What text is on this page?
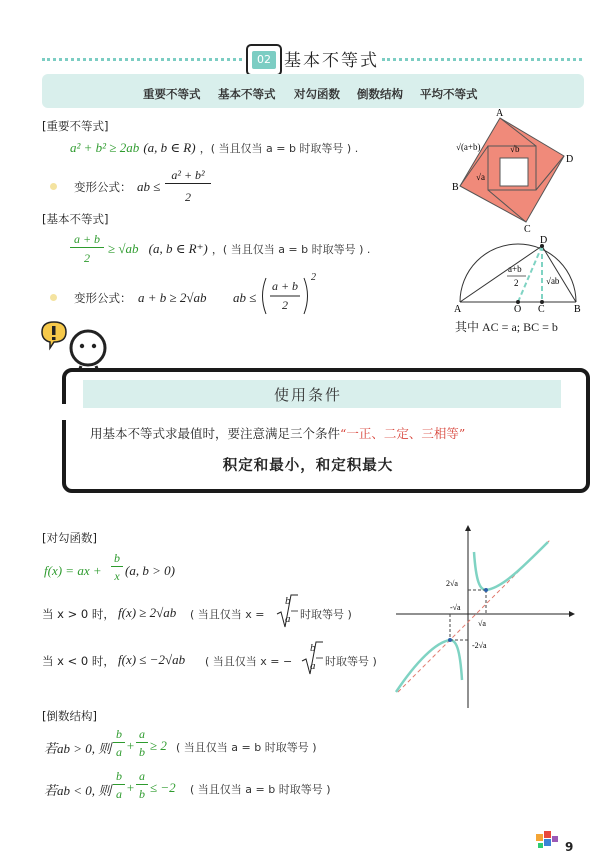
02 基本不等式
重要不等式 基本不等式 对勾函数 倒数结构 平均不等式
[重要不等式]
a² + b² ≥ 2ab (a, b ∈ R) ，( 当且仅当 a = b 时取等号 ) .
变形公式： ab ≤
a² + b²
2
[基本不等式]
a + b
2
≥ √ab (a, b ∈ R⁺) ，( 当且仅当 a = b 时取等号 ) .
变形公式： a + b ≥ 2√ab ab ≤
a + b
2
2
A
D
C
B
√(a+b)	√b
√a
A	O C	B
D
a+b
2	√ab
其中 AC = a; BC = b
使用条件
用基本不等式求最值时，要注意满足三个条件“一正、二定、三相等”
积定和最小，和定积最大
[对勾函数]
f(x) = ax +
b
x (a, b > 0)
当 x > 0 时， f(x) ≥ 2√ab ( 当且仅当 x =
b
a 时取等号 )
当 x < 0 时， f(x) ≤ −2√ab ( 当且仅当 x = −
b
a 时取等号 )
2√a
-√a
√a
-2√a
[倒数结构]
若ab > 0, 则
b
a +
a
b ≥ 2 ( 当且仅当 a = b 时取等号 )
若ab < 0, 则
b
a +
a
b ≤ −2 ( 当且仅当 a = b 时取等号 )
9
